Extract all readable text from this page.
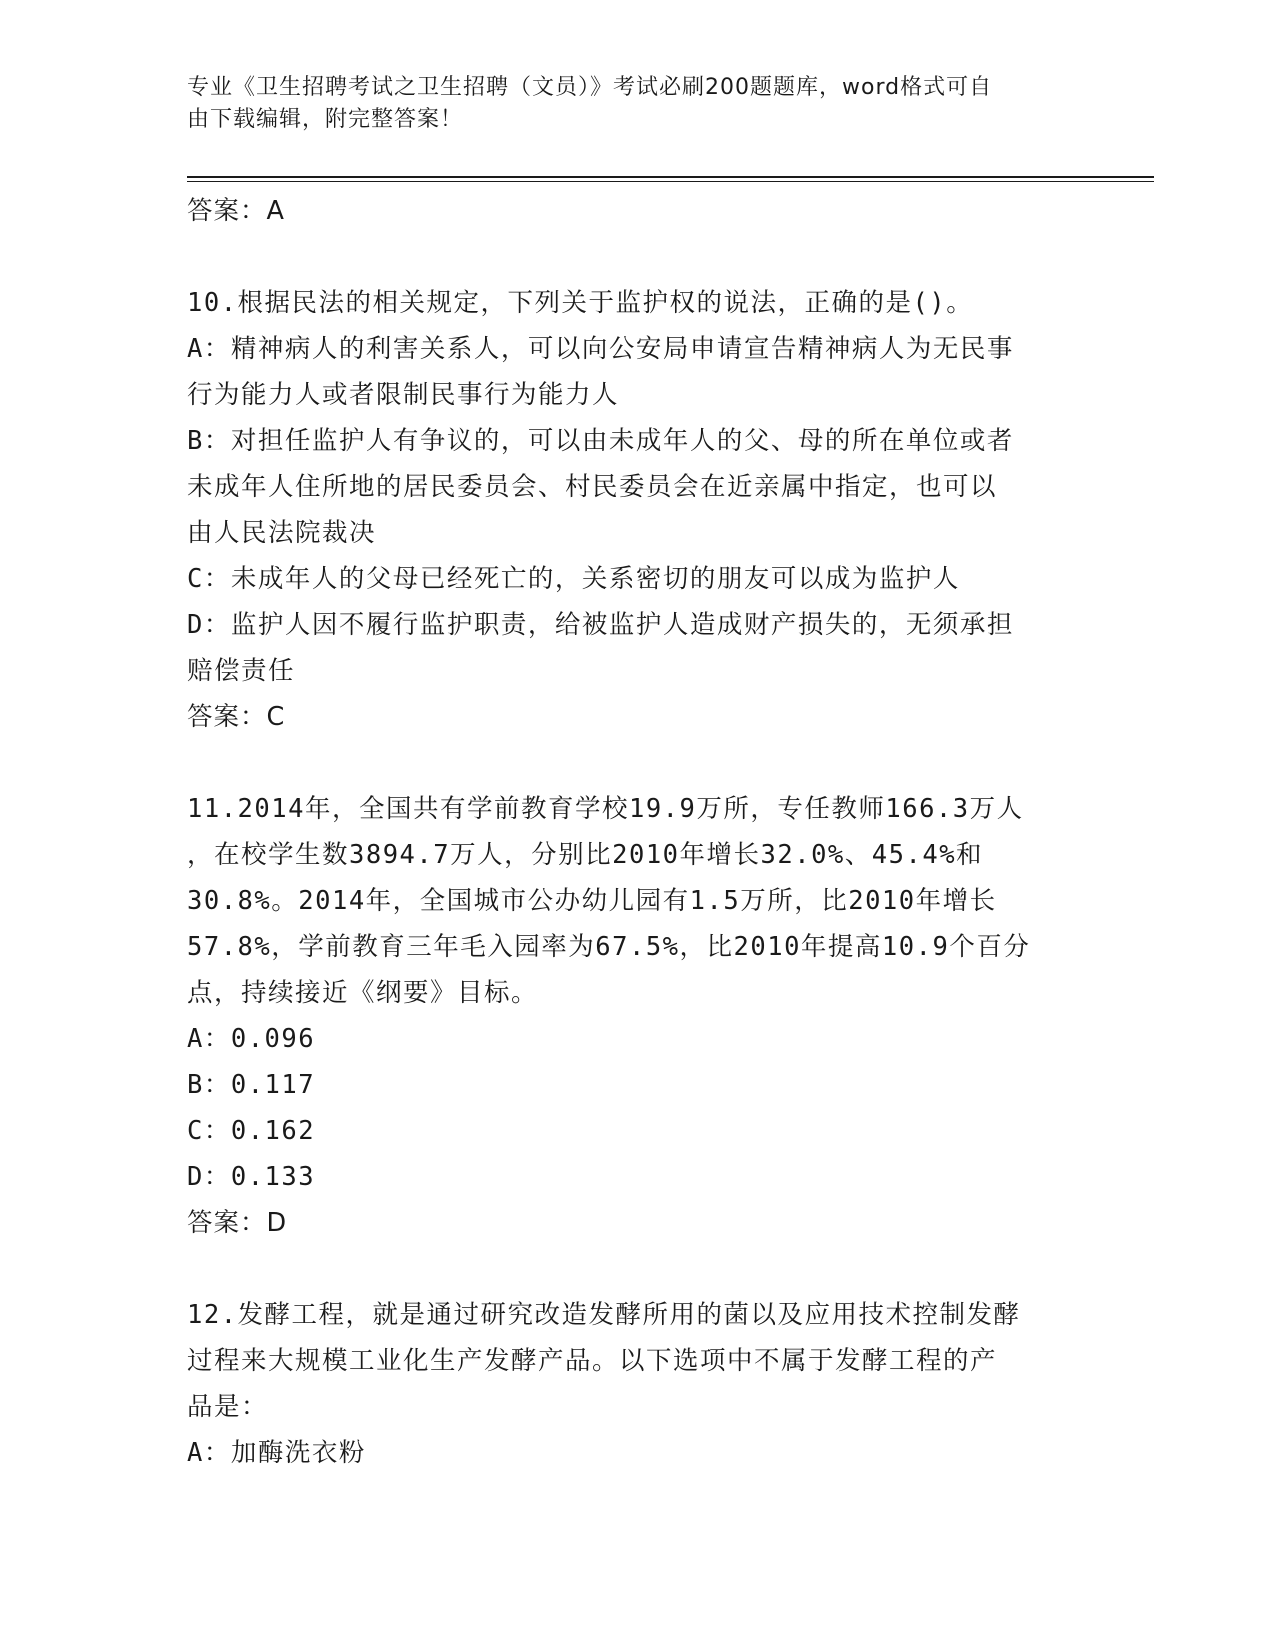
专业《卫生招聘考试之卫生招聘（文员）》考试必刷200题题库，word格式可自

由下载编辑，附完整答案！

答案：A

10.根据民法的相关规定，下列关于监护权的说法，正确的是()。

A：精神病人的利害关系人，可以向公安局申请宣告精神病人为无民事

行为能力人或者限制民事行为能力人

B：对担任监护人有争议的，可以由未成年人的父、母的所在单位或者

未成年人住所地的居民委员会、村民委员会在近亲属中指定，也可以

由人民法院裁决

C：未成年人的父母已经死亡的，关系密切的朋友可以成为监护人

D：监护人因不履行监护职责，给被监护人造成财产损失的，无须承担

赔偿责任

答案：C

11.2014年，全国共有学前教育学校19.9万所，专任教师166.3万人

，在校学生数3894.7万人，分别比2010年增长32.0%、45.4%和

30.8%。2014年，全国城市公办幼儿园有1.5万所，比2010年增长

57.8%，学前教育三年毛入园率为67.5%，比2010年提高10.9个百分

点，持续接近《纲要》目标。

A：0.096

B：0.117

C：0.162

D：0.133

答案：D

12.发酵工程，就是通过研究改造发酵所用的菌以及应用技术控制发酵

过程来大规模工业化生产发酵产品。以下选项中不属于发酵工程的产

品是：

A：加酶洗衣粉
